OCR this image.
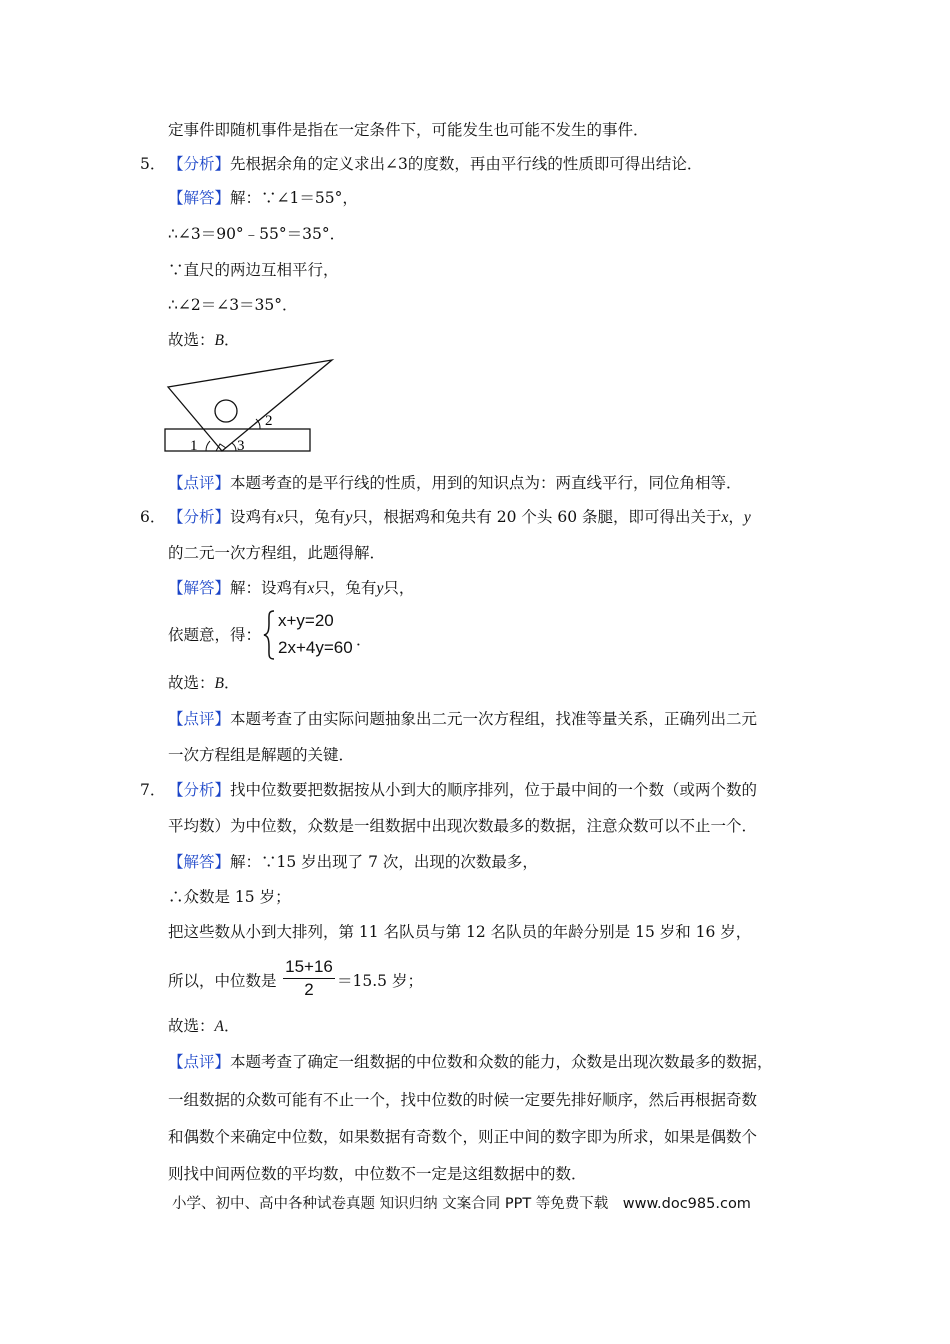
定事件即随机事件是指在一定条件下，可能发生也可能不发生的事件．
5． 【分析】先根据余角的定义求出∠3的度数，再由平行线的性质即可得出结论．
【解答】解：∵∠1＝55°，
∴∠3＝90°﹣55°＝35°．
∵直尺的两边互相平行，
∴∠2＝∠3＝35°．
故选：B．
1
2
3
【点评】本题考查的是平行线的性质，用到的知识点为：两直线平行，同位角相等．
6． 【分析】设鸡有x只，兔有y只，根据鸡和兔共有 20 个头 60 条腿，即可得出关于x，y
的二元一次方程组，此题得解．
【解答】解：设鸡有x只，兔有y只，
依题意，得：
x+y=20
2x+4y=60 ．
故选：B．
【点评】本题考查了由实际问题抽象出二元一次方程组，找准等量关系，正确列出二元
一次方程组是解题的关键．
7． 【分析】找中位数要把数据按从小到大的顺序排列，位于最中间的一个数（或两个数的
平均数）为中位数，众数是一组数据中出现次数最多的数据，注意众数可以不止一个．
【解答】解：∵15 岁出现了 7 次，出现的次数最多，
∴众数是 15 岁；
把这些数从小到大排列，第 11 名队员与第 12 名队员的年龄分别是 15 岁和 16 岁，
所以，中位数是
15+16
2	＝15.5 岁；
故选：A．
【点评】本题考查了确定一组数据的中位数和众数的能力，众数是出现次数最多的数据，
一组数据的众数可能有不止一个，找中位数的时候一定要先排好顺序，然后再根据奇数
和偶数个来确定中位数，如果数据有奇数个，则正中间的数字即为所求，如果是偶数个
则找中间两位数的平均数，中位数不一定是这组数据中的数．
小学、初中、高中各种试卷真题 知识归纳 文案合同 PPT 等免费下载　www.doc985.com
